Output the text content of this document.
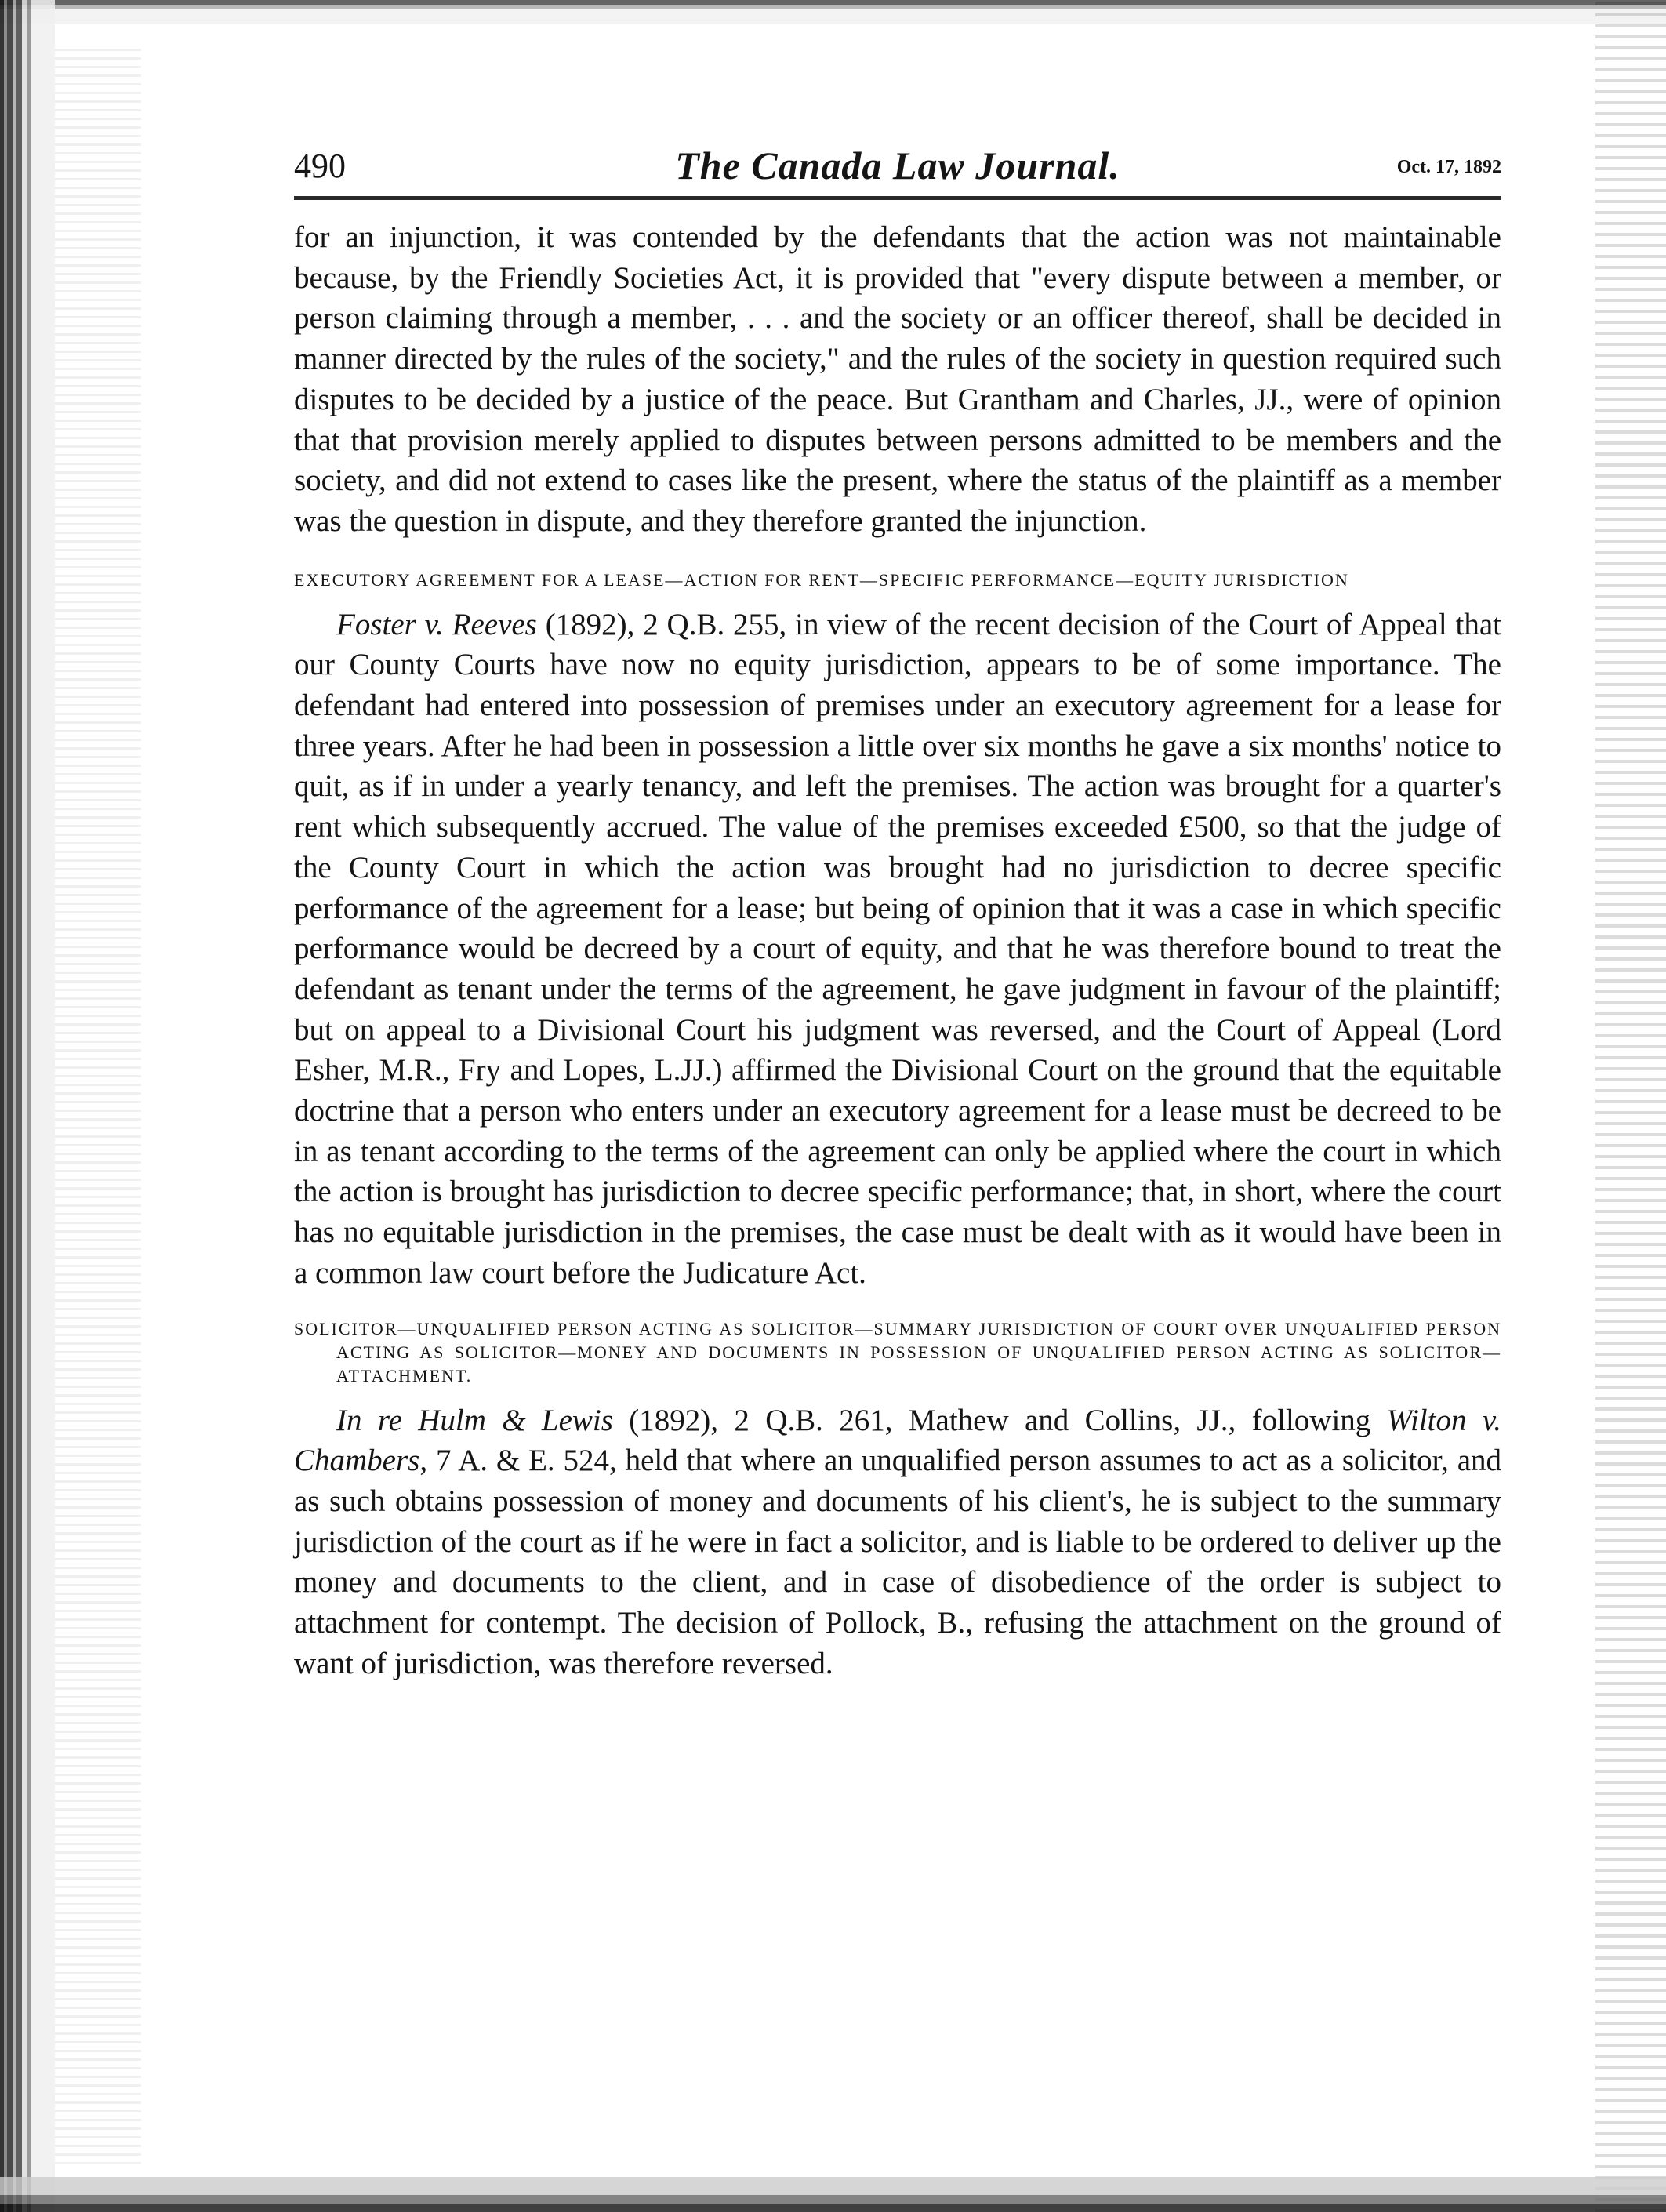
490	The Canada Law Journal.	Oct. 17, 1892

for an injunction, it was contended by the defendants that the action was not maintainable because, by the Friendly Societies Act, it is provided that "every dispute between a member, or person claiming through a member, . . . and the society or an officer thereof, shall be decided in manner directed by the rules of the society," and the rules of the society in question required such disputes to be decided by a justice of the peace. But Grantham and Charles, JJ., were of opinion that that provision merely applied to disputes between persons admitted to be members and the society, and did not extend to cases like the present, where the status of the plaintiff as a member was the question in dispute, and they therefore granted the injunction.

EXECUTORY AGREEMENT FOR A LEASE—ACTION FOR RENT—SPECIFIC PERFORMANCE—EQUITY JURISDICTION

Foster v. Reeves (1892), 2 Q.B. 255, in view of the recent decision of the Court of Appeal that our County Courts have now no equity jurisdiction, appears to be of some importance. The defendant had entered into possession of premises under an executory agreement for a lease for three years. After he had been in possession a little over six months he gave a six months' notice to quit, as if in under a yearly tenancy, and left the premises. The action was brought for a quarter's rent which subsequently accrued. The value of the premises exceeded £500, so that the judge of the County Court in which the action was brought had no jurisdiction to decree specific performance of the agreement for a lease; but being of opinion that it was a case in which specific performance would be decreed by a court of equity, and that he was therefore bound to treat the defendant as tenant under the terms of the agreement, he gave judgment in favour of the plaintiff; but on appeal to a Divisional Court his judgment was reversed, and the Court of Appeal (Lord Esher, M.R., Fry and Lopes, L.JJ.) affirmed the Divisional Court on the ground that the equitable doctrine that a person who enters under an executory agreement for a lease must be decreed to be in as tenant according to the terms of the agreement can only be applied where the court in which the action is brought has jurisdiction to decree specific performance; that, in short, where the court has no equitable jurisdiction in the premises, the case must be dealt with as it would have been in a common law court before the Judicature Act.

SOLICITOR—UNQUALIFIED PERSON ACTING AS SOLICITOR—SUMMARY JURISDICTION OF COURT OVER UNQUALIFIED PERSON ACTING AS SOLICITOR—MONEY AND DOCUMENTS IN POSSESSION OF UNQUALIFIED PERSON ACTING AS SOLICITOR—ATTACHMENT.

In re Hulm & Lewis (1892), 2 Q.B. 261, Mathew and Collins, JJ., following Wilton v. Chambers, 7 A. & E. 524, held that where an unqualified person assumes to act as a solicitor, and as such obtains possession of money and documents of his client's, he is subject to the summary jurisdiction of the court as if he were in fact a solicitor, and is liable to be ordered to deliver up the money and documents to the client, and in case of disobedience of the order is subject to attachment for contempt. The decision of Pollock, B., refusing the attachment on the ground of want of jurisdiction, was therefore reversed.
